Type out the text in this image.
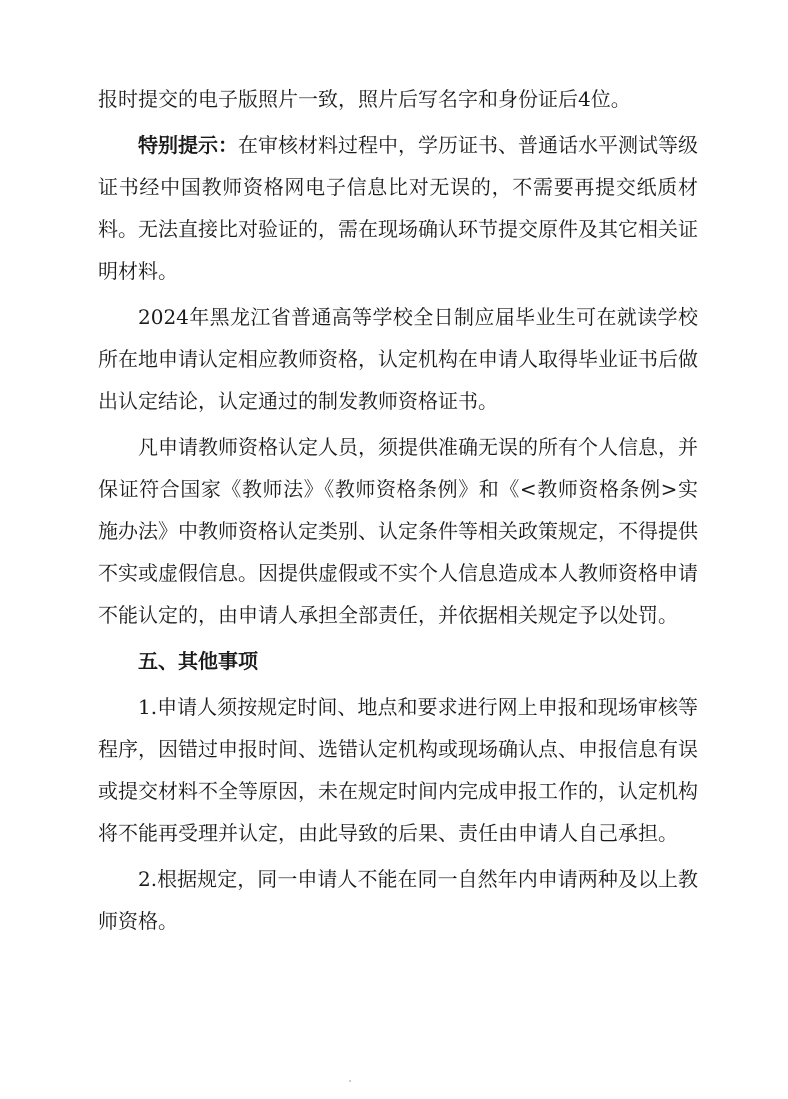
报时提交的电子版照片一致，照片后写名字和身份证后4位。

特别提示：在审核材料过程中，学历证书、普通话水平测试等级证书经中国教师资格网电子信息比对无误的，不需要再提交纸质材料。无法直接比对验证的，需在现场确认环节提交原件及其它相关证明材料。

2024年黑龙江省普通高等学校全日制应届毕业生可在就读学校所在地申请认定相应教师资格，认定机构在申请人取得毕业证书后做出认定结论，认定通过的制发教师资格证书。

凡申请教师资格认定人员，须提供准确无误的所有个人信息，并保证符合国家《教师法》《教师资格条例》和《<教师资格条例>实施办法》中教师资格认定类别、认定条件等相关政策规定，不得提供不实或虚假信息。因提供虚假或不实个人信息造成本人教师资格申请不能认定的，由申请人承担全部责任，并依据相关规定予以处罚。

五、其他事项

1.申请人须按规定时间、地点和要求进行网上申报和现场审核等程序，因错过申报时间、选错认定机构或现场确认点、申报信息有误或提交材料不全等原因，未在规定时间内完成申报工作的，认定机构将不能再受理并认定，由此导致的后果、责任由申请人自己承担。

2.根据规定，同一申请人不能在同一自然年内申请两种及以上教师资格。
